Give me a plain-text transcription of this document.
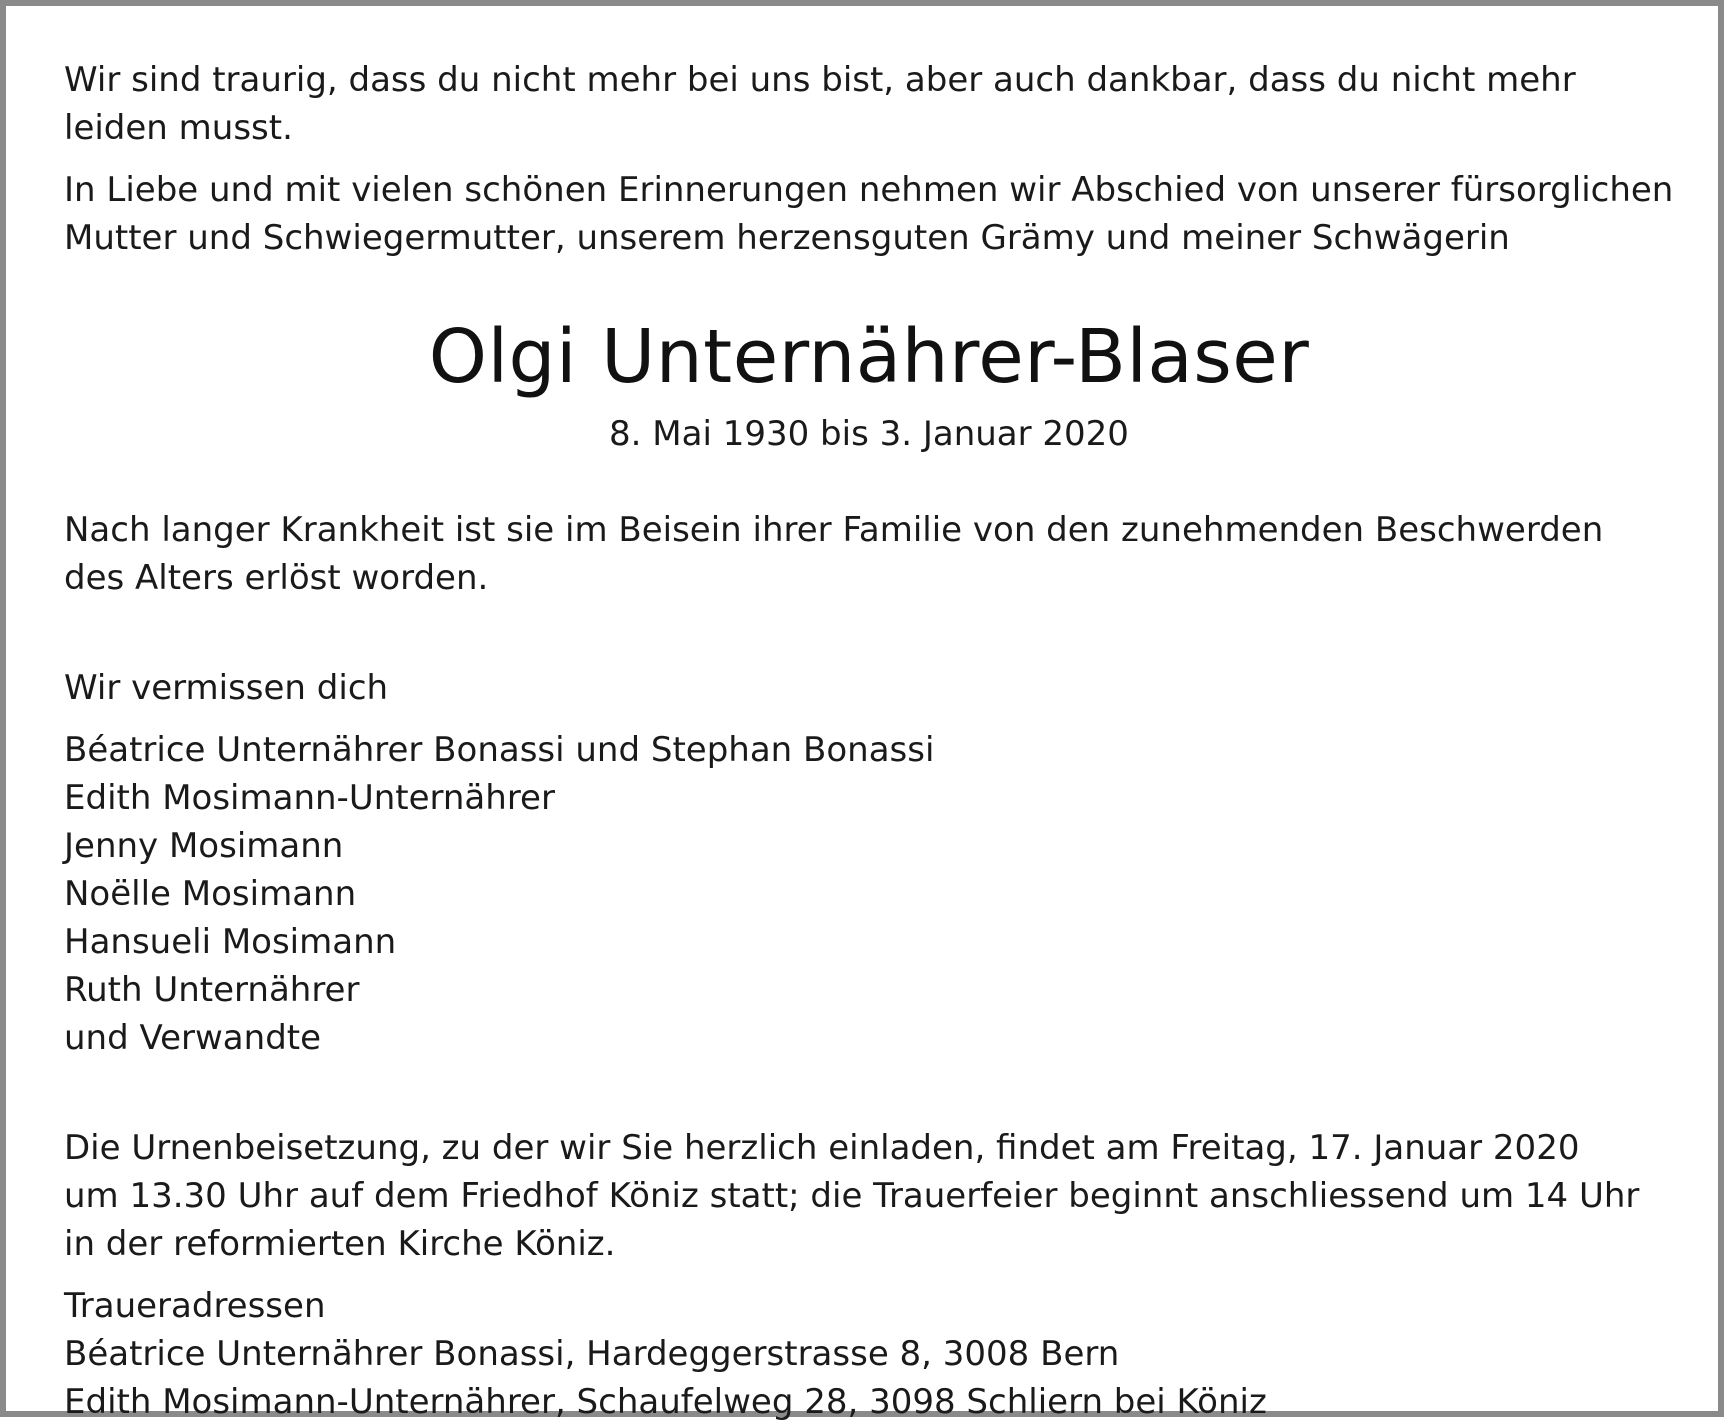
Wir sind traurig, dass du nicht mehr bei uns bist, aber auch dankbar, dass du nicht mehr
leiden musst.

In Liebe und mit vielen schönen Erinnerungen nehmen wir Abschied von unserer fürsorglichen
Mutter und Schwiegermutter, unserem herzensguten Grämy und meiner Schwägerin

Olgi Unternährer-Blaser
8. Mai 1930 bis 3. Januar 2020

Nach langer Krankheit ist sie im Beisein ihrer Familie von den zunehmenden Beschwerden
des Alters erlöst worden.

Wir vermissen dich

Béatrice Unternährer Bonassi und Stephan Bonassi
Edith Mosimann-Unternährer
Jenny Mosimann
Noëlle Mosimann
Hansueli Mosimann
Ruth Unternährer
und Verwandte

Die Urnenbeisetzung, zu der wir Sie herzlich einladen, findet am Freitag, 17. Januar 2020
um 13.30 Uhr auf dem Friedhof Köniz statt; die Trauerfeier beginnt anschliessend um 14 Uhr
in der reformierten Kirche Köniz.

Traueradressen
Béatrice Unternährer Bonassi, Hardeggerstrasse 8, 3008 Bern
Edith Mosimann-Unternährer, Schaufelweg 28, 3098 Schliern bei Köniz
